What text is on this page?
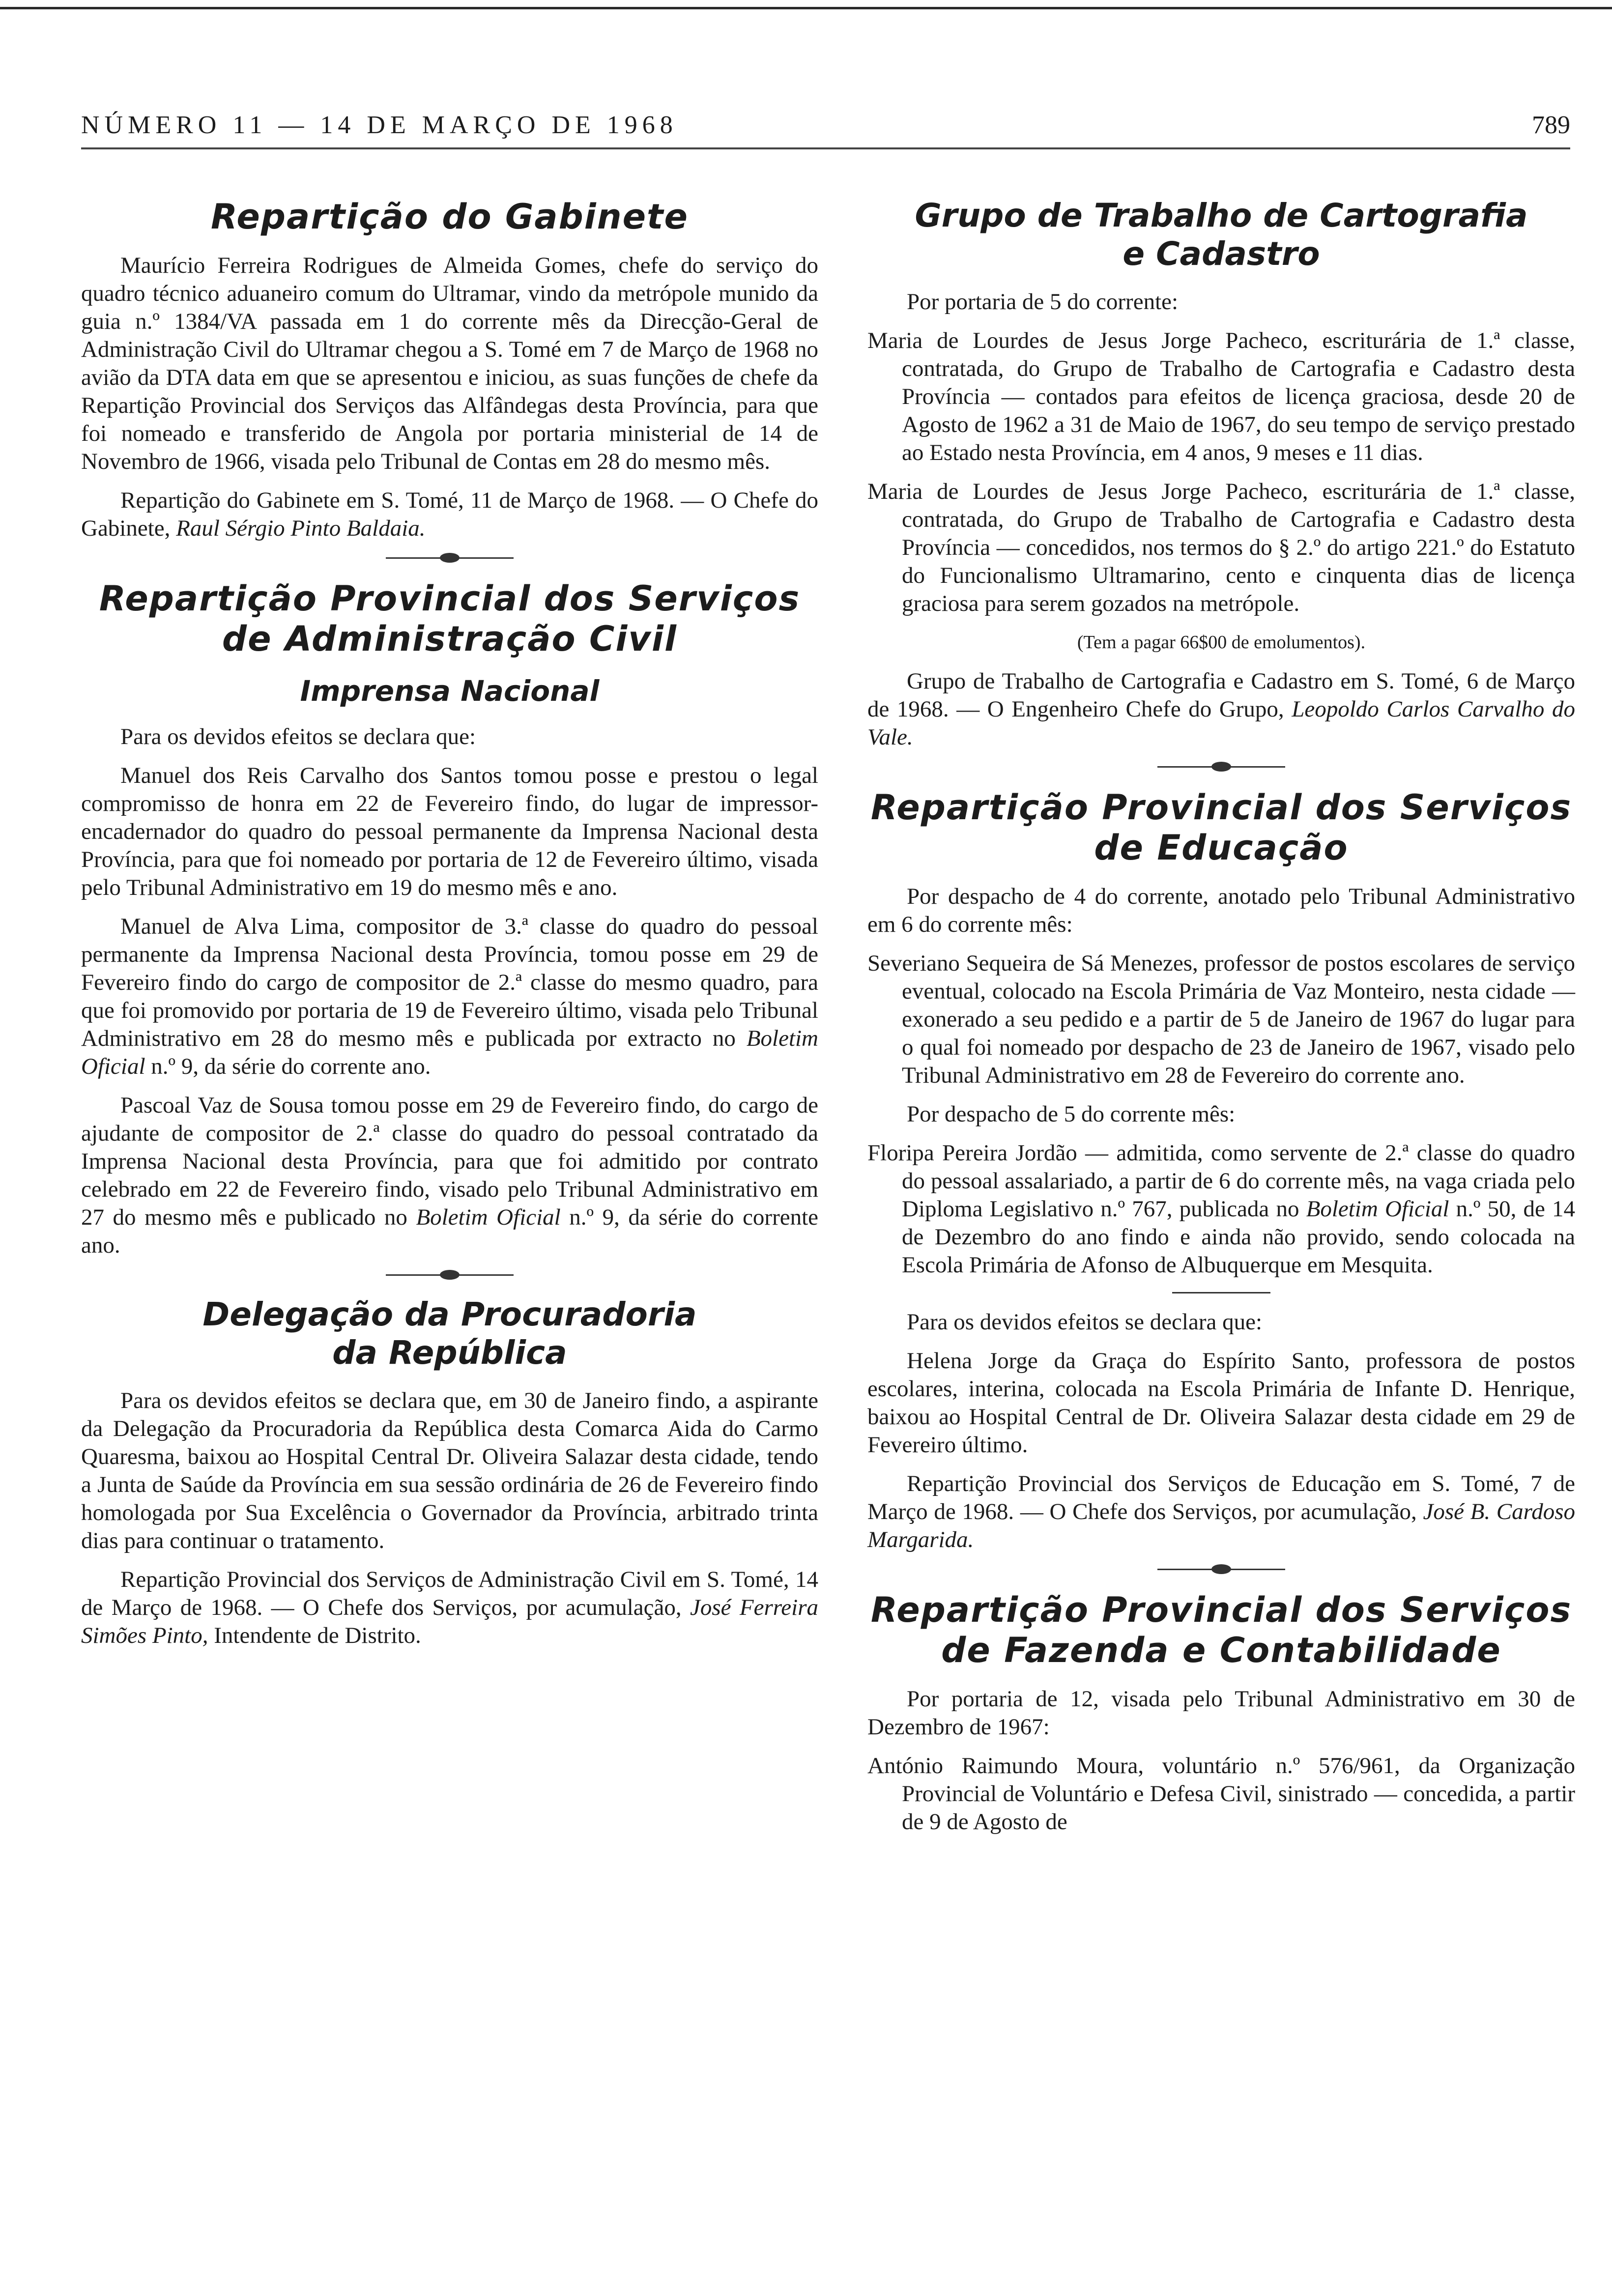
NÚMERO 11 — 14 DE MARÇO DE 1968	789
Repartição do Gabinete

Maurício Ferreira Rodrigues de Almeida Gomes, chefe do serviço do quadro técnico aduaneiro comum do Ultramar, vindo da metrópole munido da guia n.º 1384/VA passada em 1 do corrente mês da Direcção-Geral de Administração Civil do Ultramar chegou a S. Tomé em 7 de Março de 1968 no avião da DTA data em que se apresentou e iniciou, as suas funções de chefe da Repartição Provincial dos Serviços das Alfândegas desta Província, para que foi nomeado e transferido de Angola por portaria ministerial de 14 de Novembro de 1966, visada pelo Tribunal de Contas em 28 do mesmo mês.

Repartição do Gabinete em S. Tomé, 11 de Março de 1968. — O Chefe do Gabinete, Raul Sérgio Pinto Baldaia.

Repartição Provincial dos Serviços
de Administração Civil
Imprensa Nacional

Para os devidos efeitos se declara que:

Manuel dos Reis Carvalho dos Santos tomou posse e prestou o legal compromisso de honra em 22 de Fevereiro findo, do lugar de impressor-encadernador do quadro do pessoal permanente da Imprensa Nacional desta Província, para que foi nomeado por portaria de 12 de Fevereiro último, visada pelo Tribunal Administrativo em 19 do mesmo mês e ano.

Manuel de Alva Lima, compositor de 3.ª classe do quadro do pessoal permanente da Imprensa Nacional desta Província, tomou posse em 29 de Fevereiro findo do cargo de compositor de 2.ª classe do mesmo quadro, para que foi promovido por portaria de 19 de Fevereiro último, visada pelo Tribunal Administrativo em 28 do mesmo mês e publicada por extracto no Boletim Oficial n.º 9, da série do corrente ano.

Pascoal Vaz de Sousa tomou posse em 29 de Fevereiro findo, do cargo de ajudante de compositor de 2.ª classe do quadro do pessoal contratado da Imprensa Nacional desta Província, para que foi admitido por contrato celebrado em 22 de Fevereiro findo, visado pelo Tribunal Administrativo em 27 do mesmo mês e publicado no Boletim Oficial n.º 9, da série do corrente ano.

Delegação da Procuradoria
da República

Para os devidos efeitos se declara que, em 30 de Janeiro findo, a aspirante da Delegação da Procuradoria da República desta Comarca Aida do Carmo Quaresma, baixou ao Hospital Central Dr. Oliveira Salazar desta cidade, tendo a Junta de Saúde da Província em sua sessão ordinária de 26 de Fevereiro findo homologada por Sua Excelência o Governador da Província, arbitrado trinta dias para continuar o tratamento.

Repartição Provincial dos Serviços de Administração Civil em S. Tomé, 14 de Março de 1968. — O Chefe dos Serviços, por acumulação, José Ferreira Simões Pinto, Intendente de Distrito.

Grupo de Trabalho de Cartografia
e Cadastro

Por portaria de 5 do corrente:

Maria de Lourdes de Jesus Jorge Pacheco, escriturária de 1.ª classe, contratada, do Grupo de Trabalho de Cartografia e Cadastro desta Província — contados para efeitos de licença graciosa, desde 20 de Agosto de 1962 a 31 de Maio de 1967, do seu tempo de serviço prestado ao Estado nesta Província, em 4 anos, 9 meses e 11 dias.

Maria de Lourdes de Jesus Jorge Pacheco, escriturária de 1.ª classe, contratada, do Grupo de Trabalho de Cartografia e Cadastro desta Província — concedidos, nos termos do § 2.º do artigo 221.º do Estatuto do Funcionalismo Ultramarino, cento e cinquenta dias de licença graciosa para serem gozados na metrópole.

(Tem a pagar 66$00 de emolumentos).

Grupo de Trabalho de Cartografia e Cadastro em S. Tomé, 6 de Março de 1968. — O Engenheiro Chefe do Grupo, Leopoldo Carlos Carvalho do Vale.

Repartição Provincial dos Serviços
de Educação

Por despacho de 4 do corrente, anotado pelo Tribunal Administrativo em 6 do corrente mês:

Severiano Sequeira de Sá Menezes, professor de postos escolares de serviço eventual, colocado na Escola Primária de Vaz Monteiro, nesta cidade — exonerado a seu pedido e a partir de 5 de Janeiro de 1967 do lugar para o qual foi nomeado por despacho de 23 de Janeiro de 1967, visado pelo Tribunal Administrativo em 28 de Fevereiro do corrente ano.

Por despacho de 5 do corrente mês:

Floripa Pereira Jordão — admitida, como servente de 2.ª classe do quadro do pessoal assalariado, a partir de 6 do corrente mês, na vaga criada pelo Diploma Legislativo n.º 767, publicada no Boletim Oficial n.º 50, de 14 de Dezembro do ano findo e ainda não provido, sendo colocada na Escola Primária de Afonso de Albuquerque em Mesquita.

Para os devidos efeitos se declara que:

Helena Jorge da Graça do Espírito Santo, professora de postos escolares, interina, colocada na Escola Primária de Infante D. Henrique, baixou ao Hospital Central de Dr. Oliveira Salazar desta cidade em 29 de Fevereiro último.

Repartição Provincial dos Serviços de Educação em S. Tomé, 7 de Março de 1968. — O Chefe dos Serviços, por acumulação, José B. Cardoso Margarida.

Repartição Provincial dos Serviços
de Fazenda e Contabilidade

Por portaria de 12, visada pelo Tribunal Administrativo em 30 de Dezembro de 1967:

António Raimundo Moura, voluntário n.º 576/961, da Organização Provincial de Voluntário e Defesa Civil, sinistrado — concedida, a partir de 9 de Agosto de
